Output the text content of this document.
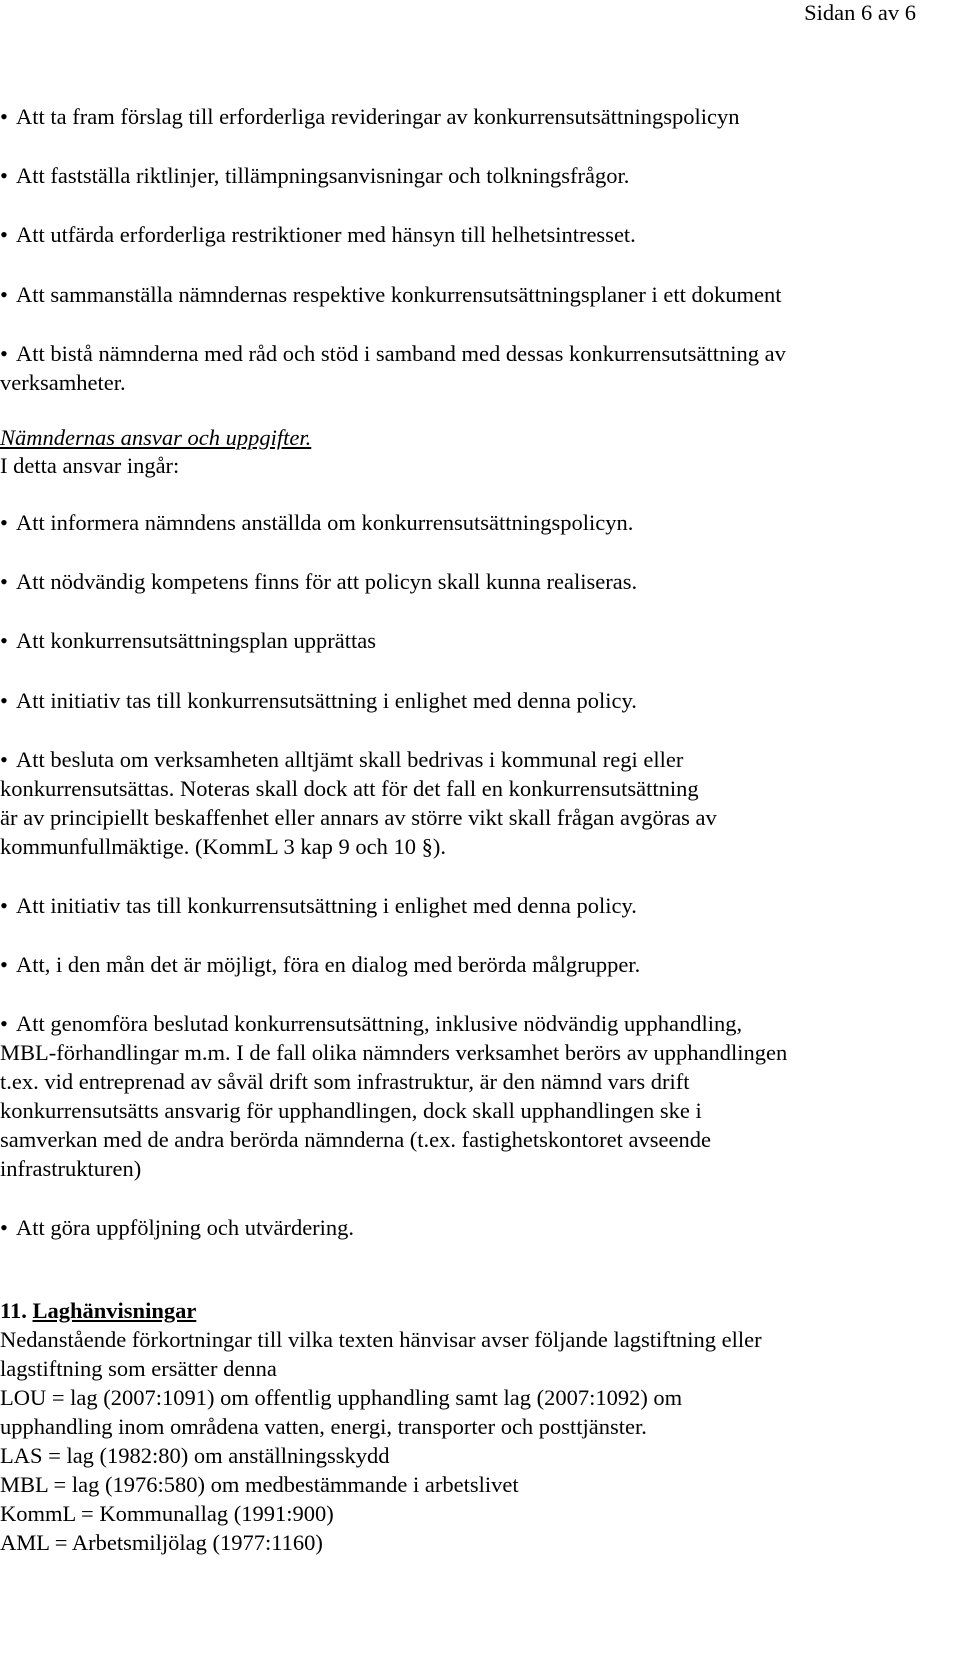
Sidan 6 av 6
• Att ta fram förslag till erforderliga revideringar av konkurrensutsättningspolicyn
• Att fastställa riktlinjer, tillämpningsanvisningar och tolkningsfrågor.
• Att utfärda erforderliga restriktioner med hänsyn till helhetsintresset.
• Att sammanställa nämndernas respektive konkurrensutsättningsplaner i ett dokument
• Att bistå nämnderna med råd och stöd i samband med dessas konkurrensutsättning av
verksamheter.
Nämndernas ansvar och uppgifter.
I detta ansvar ingår:
• Att informera nämndens anställda om konkurrensutsättningspolicyn.
• Att nödvändig kompetens finns för att policyn skall kunna realiseras.
• Att konkurrensutsättningsplan upprättas
• Att initiativ tas till konkurrensutsättning i enlighet med denna policy.
• Att besluta om verksamheten alltjämt skall bedrivas i kommunal regi eller
konkurrensutsättas. Noteras skall dock att för det fall en konkurrensutsättning
är av principiellt beskaffenhet eller annars av större vikt skall frågan avgöras av
kommunfullmäktige. (KommL 3 kap 9 och 10 §).
• Att initiativ tas till konkurrensutsättning i enlighet med denna policy.
• Att, i den mån det är möjligt, föra en dialog med berörda målgrupper.
• Att genomföra beslutad konkurrensutsättning, inklusive nödvändig upphandling,
MBL-förhandlingar m.m. I de fall olika nämnders verksamhet berörs av upphandlingen
t.ex. vid entreprenad av såväl drift som infrastruktur, är den nämnd vars drift
konkurrensutsätts ansvarig för upphandlingen, dock skall upphandlingen ske i
samverkan med de andra berörda nämnderna (t.ex. fastighetskontoret avseende
infrastrukturen)
• Att göra uppföljning och utvärdering.
11. Laghänvisningar
Nedanstående förkortningar till vilka texten hänvisar avser följande lagstiftning eller
lagstiftning som ersätter denna
LOU = lag (2007:1091) om offentlig upphandling samt lag (2007:1092) om
upphandling inom områdena vatten, energi, transporter och posttjänster.
LAS = lag (1982:80) om anställningsskydd
MBL = lag (1976:580) om medbestämmande i arbetslivet
KommL = Kommunallag (1991:900)
AML = Arbetsmiljölag (1977:1160)
